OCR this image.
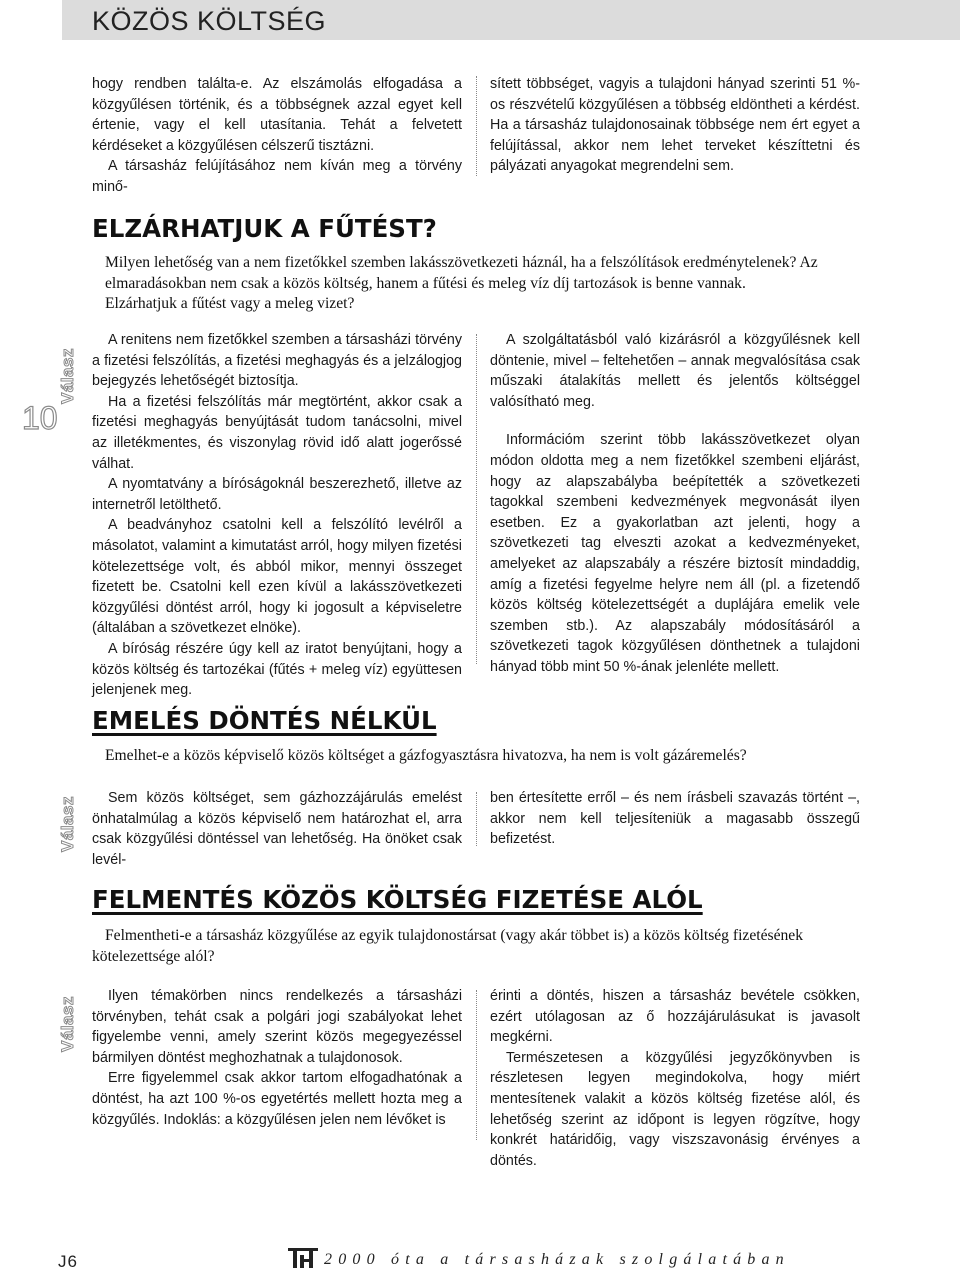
KÖZÖS KÖLTSÉG
10

hogy rendben találta-e. Az elszámolás elfogadása a közgyűlésen történik, és a többségnek azzal egyet kell értenie, vagy el kell utasítania. Tehát a felvetett kérdéseket a közgyűlésen célszerű tisztázni.

A társasház felújításához nem kíván meg a törvény minő-

sített többséget, vagyis a tulajdoni hányad szerinti 51 %-os részvételű közgyűlésen a többség eldöntheti a kérdést. Ha a társasház tulajdonosainak többsége nem ért egyet a felújítással, akkor nem lehet terveket készíttetni és pályázati anyagokat megrendelni sem.

ELZÁRHATJUK A FŰTÉST?
Milyen lehetőség van a nem fizetőkkel szemben lakásszövetkezeti háznál, ha a felszólítások eredménytelenek? Az
elmaradásokban nem csak a közös költség, hanem a fűtési és meleg víz díj tartozások is benne vannak.
Elzárhatjuk a fűtést vagy a meleg vizet?
Válasz

A renitens nem fizetőkkel szemben a társasházi törvény a fizetési felszólítás, a fizetési meghagyás és a jelzálogjog bejegyzés lehetőségét biztosítja.

Ha a fizetési felszólítás már megtörtént, akkor csak a fizetési meghagyás benyújtását tudom tanácsolni, mivel az illetékmentes, és viszonylag rövid idő alatt jogerőssé válhat.

A nyomtatvány a bíróságoknál beszerezhető, illetve az internetről letölthető.

A beadványhoz csatolni kell a felszólító levélről a másolatot, valamint a kimutatást arról, hogy milyen fizetési kötelezettsége volt, és abból mikor, mennyi összeget fizetett be. Csatolni kell ezen kívül a lakásszövetkezeti közgyűlési döntést arról, hogy ki jogosult a képviseletre (általában a szövetkezet elnöke).

A bíróság részére úgy kell az iratot benyújtani, hogy a közös költség és tartozékai (fűtés + meleg víz) együttesen jelenjenek meg.

A szolgáltatásból való kizárásról a közgyűlésnek kell döntenie, mivel – feltehetően – annak megvalósítása csak műszaki átalakítás mellett és jelentős költséggel valósítható meg.

Információm szerint több lakásszövetkezet olyan módon oldotta meg a nem fizetőkkel szembeni eljárást, hogy az alapszabályba beépítették a szövetkezeti tagokkal szembeni kedvezmények megvonását ilyen esetben. Ez a gyakorlatban azt jelenti, hogy a szövetkezeti tag elveszti azokat a kedvezményeket, amelyeket az alapszabály a részére biztosít mindaddig, amíg a fizetési fegyelme helyre nem áll (pl. a fizetendő közös költség kötelezettségét a duplájára emelik vele szemben stb.). Az alapszabály módosításáról a szövetkezeti tagok közgyűlésen dönthetnek a tulajdoni hányad több mint 50 %-ának jelenléte mellett.

EMELÉS DÖNTÉS NÉLKÜL
Emelhet-e a közös képviselő közös költséget a gázfogyasztásra hivatozva, ha nem is volt gázáremelés?
Válasz	Sem közös költséget, sem gázhozzájárulás emelést önhatalmúlag a közös képviselő nem határozhat el, arra csak közgyűlési döntéssel van lehetőség. Ha önöket csak levél-

ben értesítette erről – és nem írásbeli szavazás történt –, akkor nem kell teljesíteniük a magasabb összegű befizetést.

FELMENTÉS KÖZÖS KÖLTSÉG FIZETÉSE ALÓL
Felmentheti-e a társasház közgyűlése az egyik tulajdonostársat (vagy akár többet is) a közös költség fizetésének
kötelezettsége alól?
Válasz

Ilyen témakörben nincs rendelkezés a társasházi törvényben, tehát csak a polgári jogi szabályokat lehet figyelembe venni, amely szerint közös megegyezéssel bármilyen döntést meghozhatnak a tulajdonosok.

Erre figyelemmel csak akkor tartom elfogadhatónak a döntést, ha azt 100 %-os egyetértés mellett hozta meg a közgyűlés. Indoklás: a közgyűlésen jelen nem lévőket is

érinti a döntés, hiszen a társasház bevétele csökken, ezért utólagosan az ő hozzájárulásukat is javasolt megkérni.

Természetesen a közgyűlési jegyzőkönyvben is részletesen legyen megindokolva, hogy miért mentesítenek valakit a közös költség fizetése alól, és lehetőség szerint az időpont is legyen rögzítve, hogy konkrét határidőig, vagy viszszavonásig érvényes a döntés.

J6	2000 óta a társasházak szolgálatában
